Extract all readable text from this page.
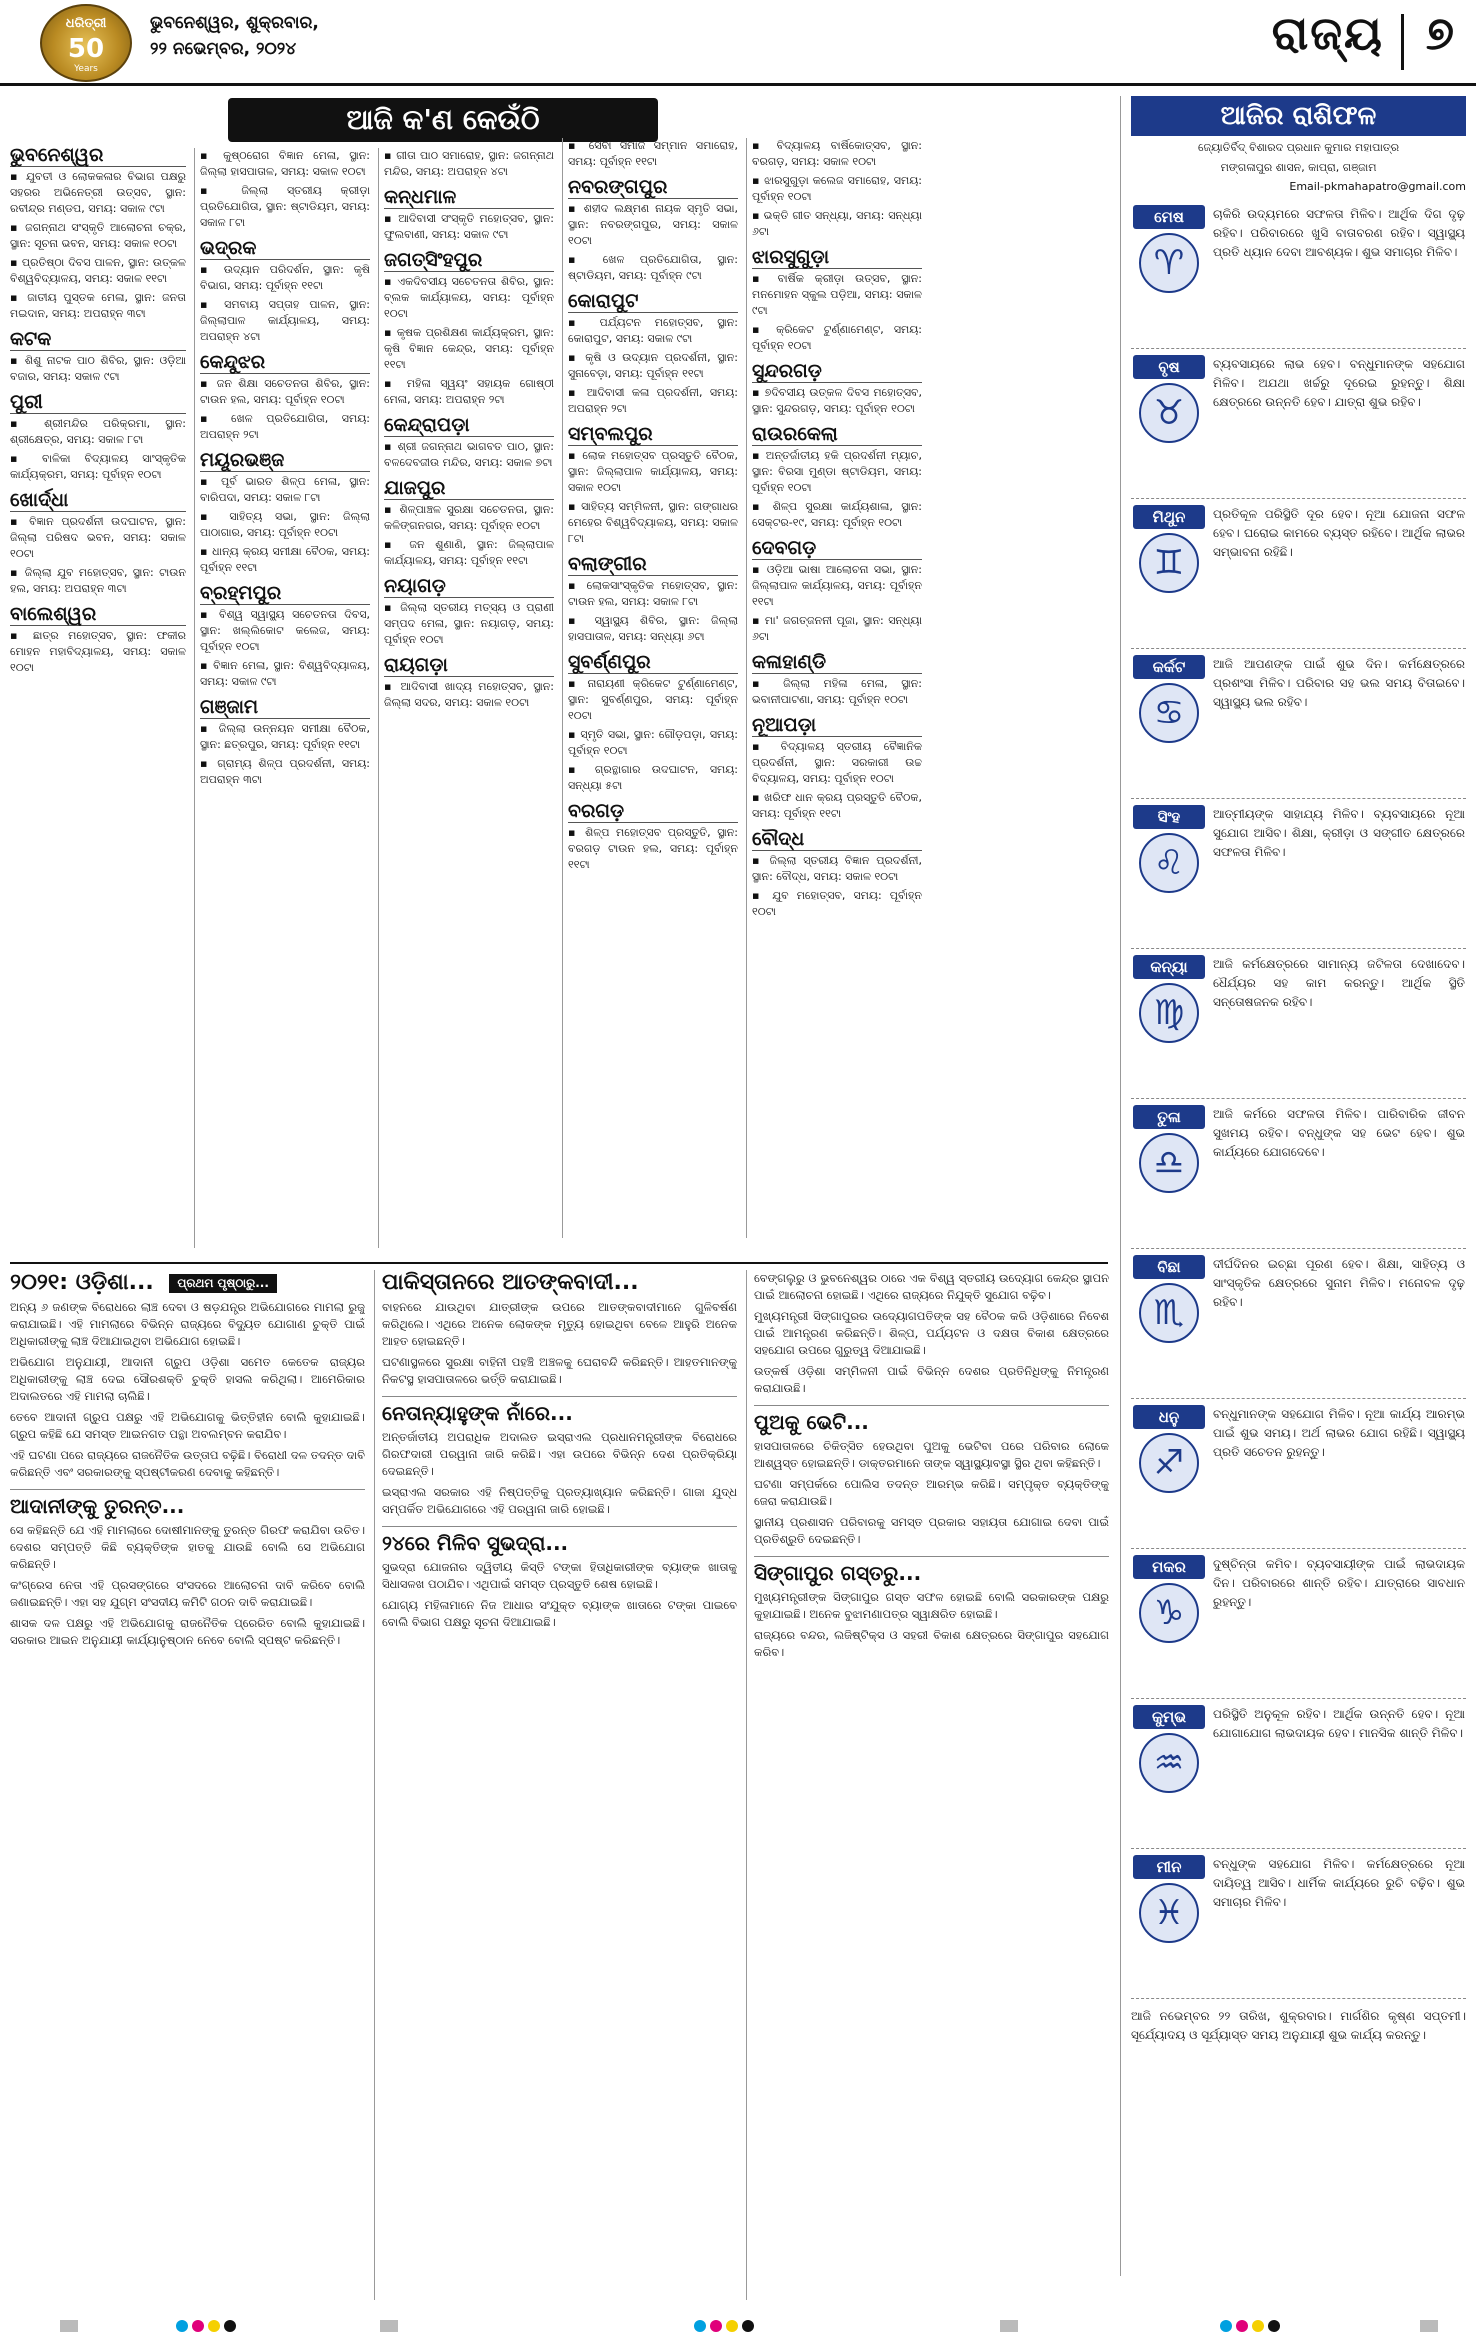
ଧରିତ୍ରୀ
50
Years
ଭୁବନେଶ୍ୱର, ଶୁକ୍ରବାର,
୨୨ ନଭେମ୍ବର, ୨୦୨୪	ରାଜ୍ୟ ୭
ଆଜି କ'ଣ କେଉଁଠି
ଭୁବନେଶ୍ୱର
▪ ଯୁବତୀ ଓ ଲୋକକଳାର ବିଭାଗ ପକ୍ଷରୁ ସହରର ଅଭିନେତ୍ରୀ ଉତ୍ସବ, ସ୍ଥାନ: ରବୀନ୍ଦ୍ର ମଣ୍ଡପ, ସମୟ: ସକାଳ ୯ଟା
▪ ଜଗନ୍ନାଥ ସଂସ୍କୃତି ଆଲୋଚନା ଚକ୍ର, ସ୍ଥାନ: ସୂଚନା ଭବନ, ସମୟ: ସକାଳ ୧୦ଟା
▪ ପ୍ରତିଷ୍ଠା ଦିବସ ପାଳନ, ସ୍ଥାନ: ଉତ୍କଳ ବିଶ୍ୱବିଦ୍ୟାଳୟ, ସମୟ: ସକାଳ ୧୧ଟା
▪ ଜାତୀୟ ପୁସ୍ତକ ମେଳା, ସ୍ଥାନ: ଜନତା ମଇଦାନ, ସମୟ: ଅପରାହ୍ନ ୩ଟା
କଟକ
▪ ଶିଶୁ ନାଟକ ପାଠ ଶିବିର, ସ୍ଥାନ: ଓଡ଼ିଆ ବଜାର, ସମୟ: ସକାଳ ୯ଟା
ପୁରୀ
▪ ଶ୍ରୀମନ୍ଦିର ପରିକ୍ରମା, ସ୍ଥାନ: ଶ୍ରୀକ୍ଷେତ୍ର, ସମୟ: ସକାଳ ୮ଟା
▪ ବାଳିକା ବିଦ୍ୟାଳୟ ସାଂସ୍କୃତିକ କାର୍ଯ୍ୟକ୍ରମ, ସମୟ: ପୂର୍ବାହ୍ନ ୧୦ଟା
ଖୋର୍ଦ୍ଧା
▪ ବିଜ୍ଞାନ ପ୍ରଦର୍ଶନୀ ଉଦଘାଟନ, ସ୍ଥାନ: ଜିଲ୍ଲା ପରିଷଦ ଭବନ, ସମୟ: ସକାଳ ୧୦ଟା
▪ ଜିଲ୍ଲା ଯୁବ ମହୋତ୍ସବ, ସ୍ଥାନ: ଟାଉନ ହଲ, ସମୟ: ଅପରାହ୍ନ ୩ଟା
ବାଲେଶ୍ୱର
▪ ଛାତ୍ର ମହୋତ୍ସବ, ସ୍ଥାନ: ଫକୀର ମୋହନ ମହାବିଦ୍ୟାଳୟ, ସମୟ: ସକାଳ ୧୦ଟା
▪ କୁଷ୍ଠରୋଗ ବିଜ୍ଞାନ ମେଳା, ସ୍ଥାନ: ଜିଲ୍ଲା ହାସପାତାଳ, ସମୟ: ସକାଳ ୧୦ଟା
▪ ଜିଲ୍ଲା ସ୍ତରୀୟ କ୍ରୀଡ଼ା ପ୍ରତିଯୋଗିତା, ସ୍ଥାନ: ଷ୍ଟାଡିୟମ, ସମୟ: ସକାଳ ୮ଟା
ଭଦ୍ରକ
▪ ଉଦ୍ୟାନ ପରିଦର୍ଶନ, ସ୍ଥାନ: କୃଷି ବିଭାଗ, ସମୟ: ପୂର୍ବାହ୍ନ ୧୧ଟା
▪ ସମବାୟ ସପ୍ତାହ ପାଳନ, ସ୍ଥାନ: ଜିଲ୍ଲାପାଳ କାର୍ଯ୍ୟାଳୟ, ସମୟ: ଅପରାହ୍ନ ୪ଟା
କେନ୍ଦୁଝର
▪ ଜନ ଶିକ୍ଷା ସଚେତନତା ଶିବିର, ସ୍ଥାନ: ଟାଉନ ହଲ, ସମୟ: ପୂର୍ବାହ୍ନ ୧୦ଟା
▪ ଖେଳ ପ୍ରତିଯୋଗିତା, ସମୟ: ଅପରାହ୍ନ ୨ଟା
ମୟୂରଭଞ୍ଜ
▪ ପୂର୍ବ ଭାରତ ଶିଳ୍ପ ମେଳା, ସ୍ଥାନ: ବାରିପଦା, ସମୟ: ସକାଳ ୮ଟା
▪ ସାହିତ୍ୟ ସଭା, ସ୍ଥାନ: ଜିଲ୍ଲା ପାଠାଗାର, ସମୟ: ପୂର୍ବାହ୍ନ ୧୦ଟା
▪ ଧାନ୍ୟ କ୍ରୟ ସମୀକ୍ଷା ବୈଠକ, ସମୟ: ପୂର୍ବାହ୍ନ ୧୧ଟା
ବ୍ରହ୍ମପୁର
▪ ବିଶ୍ୱ ସ୍ୱାସ୍ଥ୍ୟ ସଚେତନତା ଦିବସ, ସ୍ଥାନ: ଖଲ୍ଲିକୋଟ କଲେଜ, ସମୟ: ପୂର୍ବାହ୍ନ ୧୦ଟା
▪ ବିଜ୍ଞାନ ମେଳା, ସ୍ଥାନ: ବିଶ୍ୱବିଦ୍ୟାଳୟ, ସମୟ: ସକାଳ ୯ଟା
ଗଞ୍ଜାମ
▪ ଜିଲ୍ଲା ଉନ୍ନୟନ ସମୀକ୍ଷା ବୈଠକ, ସ୍ଥାନ: ଛତ୍ରପୁର, ସମୟ: ପୂର୍ବାହ୍ନ ୧୧ଟା
▪ ଗ୍ରାମ୍ୟ ଶିଳ୍ପ ପ୍ରଦର୍ଶନୀ, ସମୟ: ଅପରାହ୍ନ ୩ଟା
▪ ଗୀତା ପାଠ ସମାରୋହ, ସ୍ଥାନ: ଜଗନ୍ନାଥ ମନ୍ଦିର, ସମୟ: ଅପରାହ୍ନ ୪ଟା
କନ୍ଧମାଳ
▪ ଆଦିବାସୀ ସଂସ୍କୃତି ମହୋତ୍ସବ, ସ୍ଥାନ: ଫୁଲବାଣୀ, ସମୟ: ସକାଳ ୯ଟା
ଜଗତ୍ସିଂହପୁର
▪ ଏକଦିବସୀୟ ସଚେତନତା ଶିବିର, ସ୍ଥାନ: ବ୍ଲକ କାର୍ଯ୍ୟାଳୟ, ସମୟ: ପୂର୍ବାହ୍ନ ୧୦ଟା
▪ କୃଷକ ପ୍ରଶିକ୍ଷଣ କାର୍ଯ୍ୟକ୍ରମ, ସ୍ଥାନ: କୃଷି ବିଜ୍ଞାନ କେନ୍ଦ୍ର, ସମୟ: ପୂର୍ବାହ୍ନ ୧୧ଟା
▪ ମହିଳା ସ୍ୱୟଂ ସହାୟକ ଗୋଷ୍ଠୀ ମେଳା, ସମୟ: ଅପରାହ୍ନ ୨ଟା
କେନ୍ଦ୍ରାପଡ଼ା
▪ ଶ୍ରୀ ଜଗନ୍ନାଥ ଭାଗବତ ପାଠ, ସ୍ଥାନ: ବଳଦେବଜୀଉ ମନ୍ଦିର, ସମୟ: ସକାଳ ୭ଟା
ଯାଜପୁର
▪ ଶିଳ୍ପାଞ୍ଚଳ ସୁରକ୍ଷା ସଚେତନତା, ସ୍ଥାନ: କଳିଙ୍ଗନଗର, ସମୟ: ପୂର୍ବାହ୍ନ ୧୦ଟା
▪ ଜନ ଶୁଣାଣି, ସ୍ଥାନ: ଜିଲ୍ଲାପାଳ କାର୍ଯ୍ୟାଳୟ, ସମୟ: ପୂର୍ବାହ୍ନ ୧୧ଟା
ନୟାଗଡ଼
▪ ଜିଲ୍ଲା ସ୍ତରୀୟ ମତ୍ସ୍ୟ ଓ ପ୍ରାଣୀ ସମ୍ପଦ ମେଳା, ସ୍ଥାନ: ନୟାଗଡ଼, ସମୟ: ପୂର୍ବାହ୍ନ ୧୦ଟା
ରାୟଗଡ଼ା
▪ ଆଦିବାସୀ ଖାଦ୍ୟ ମହୋତ୍ସବ, ସ୍ଥାନ: ଜିଲ୍ଲା ସଦର, ସମୟ: ସକାଳ ୧୦ଟା
▪ ସେବା ସମାଜ ସମ୍ମାନ ସମାରୋହ, ସମୟ: ପୂର୍ବାହ୍ନ ୧୧ଟା
ନବରଙ୍ଗପୁର
▪ ଶହୀଦ ଲକ୍ଷ୍ମଣ ନାୟକ ସ୍ମୃତି ସଭା, ସ୍ଥାନ: ନବରଙ୍ଗପୁର, ସମୟ: ସକାଳ ୧୦ଟା
▪ ଖେଳ ପ୍ରତିଯୋଗିତା, ସ୍ଥାନ: ଷ୍ଟାଡିୟମ, ସମୟ: ପୂର୍ବାହ୍ନ ୯ଟା
କୋରାପୁଟ
▪ ପର୍ଯ୍ୟଟନ ମହୋତ୍ସବ, ସ୍ଥାନ: କୋରାପୁଟ, ସମୟ: ସକାଳ ୯ଟା
▪ କୃଷି ଓ ଉଦ୍ୟାନ ପ୍ରଦର୍ଶନୀ, ସ୍ଥାନ: ସୁନାବେଡ଼ା, ସମୟ: ପୂର୍ବାହ୍ନ ୧୧ଟା
▪ ଆଦିବାସୀ କଳା ପ୍ରଦର୍ଶନୀ, ସମୟ: ଅପରାହ୍ନ ୨ଟା
ସମ୍ବଲପୁର
▪ ଲୋକ ମହୋତ୍ସବ ପ୍ରସ୍ତୁତି ବୈଠକ, ସ୍ଥାନ: ଜିଲ୍ଲାପାଳ କାର୍ଯ୍ୟାଳୟ, ସମୟ: ସକାଳ ୧୦ଟା
▪ ସାହିତ୍ୟ ସମ୍ମିଳନୀ, ସ୍ଥାନ: ଗଙ୍ଗାଧର ମେହେର ବିଶ୍ୱବିଦ୍ୟାଳୟ, ସମୟ: ସକାଳ ୮ଟା
ବଲାଙ୍ଗୀର
▪ ଲୋକସାଂସ୍କୃତିକ ମହୋତ୍ସବ, ସ୍ଥାନ: ଟାଉନ ହଲ, ସମୟ: ସକାଳ ୮ଟା
▪ ସ୍ୱାସ୍ଥ୍ୟ ଶିବିର, ସ୍ଥାନ: ଜିଲ୍ଲା ହାସପାତାଳ, ସମୟ: ସନ୍ଧ୍ୟା ୬ଟା
ସୁବର୍ଣ୍ଣପୁର
▪ ନାରାୟଣୀ କ୍ରିକେଟ ଟୁର୍ଣ୍ଣାମେଣ୍ଟ, ସ୍ଥାନ: ସୁବର୍ଣ୍ଣପୁର, ସମୟ: ପୂର୍ବାହ୍ନ ୧୦ଟା
▪ ସ୍ମୃତି ସଭା, ସ୍ଥାନ: ଗୌଡ଼ପଡ଼ା, ସମୟ: ପୂର୍ବାହ୍ନ ୧୦ଟା
▪ ଗ୍ରନ୍ଥାଗାର ଉଦଘାଟନ, ସମୟ: ସନ୍ଧ୍ୟା ୫ଟା
ବରଗଡ଼
▪ ଶିଳ୍ପ ମହୋତ୍ସବ ପ୍ରସ୍ତୁତି, ସ୍ଥାନ: ବରଗଡ଼ ଟାଉନ ହଲ, ସମୟ: ପୂର୍ବାହ୍ନ ୧୧ଟା
▪ ବିଦ୍ୟାଳୟ ବାର୍ଷିକୋତ୍ସବ, ସ୍ଥାନ: ବରଗଡ଼, ସମୟ: ସକାଳ ୧୦ଟା
▪ ଝାରସୁଗୁଡ଼ା କଲେଜ ସମାରୋହ, ସମୟ: ପୂର୍ବାହ୍ନ ୧୦ଟା
▪ ଭକ୍ତି ଗୀତ ସନ୍ଧ୍ୟା, ସମୟ: ସନ୍ଧ୍ୟା ୬ଟା
ଝାରସୁଗୁଡ଼ା
▪ ବାର୍ଷିକ କ୍ରୀଡ଼ା ଉତ୍ସବ, ସ୍ଥାନ: ମନମୋହନ ସ୍କୁଲ ପଡ଼ିଆ, ସମୟ: ସକାଳ ୯ଟା
▪ କ୍ରିକେଟ ଟୁର୍ଣ୍ଣାମେଣ୍ଟ, ସମୟ: ପୂର୍ବାହ୍ନ ୧୦ଟା
ସୁନ୍ଦରଗଡ଼
▪ ୭ଦିବସୀୟ ଉତ୍କଳ ଦିବସ ମହୋତ୍ସବ, ସ୍ଥାନ: ସୁନ୍ଦରଗଡ଼, ସମୟ: ପୂର୍ବାହ୍ନ ୧୦ଟା
ରାଉରକେଲା
▪ ଅନ୍ତର୍ଜାତୀୟ ହକି ପ୍ରଦର୍ଶନୀ ମ୍ୟାଚ, ସ୍ଥାନ: ବିରସା ମୁଣ୍ଡା ଷ୍ଟାଡିୟମ, ସମୟ: ପୂର୍ବାହ୍ନ ୧୦ଟା
▪ ଶିଳ୍ପ ସୁରକ୍ଷା କାର୍ଯ୍ୟଶାଳା, ସ୍ଥାନ: ସେକ୍ଟର-୧୯, ସମୟ: ପୂର୍ବାହ୍ନ ୧୦ଟା
ଦେବଗଡ଼
▪ ଓଡ଼ିଆ ଭାଷା ଆଲୋଚନା ସଭା, ସ୍ଥାନ: ଜିଲ୍ଲାପାଳ କାର୍ଯ୍ୟାଳୟ, ସମୟ: ପୂର୍ବାହ୍ନ ୧୧ଟା
▪ ମା' ଜଗତ୍ଜନନୀ ପୂଜା, ସ୍ଥାନ: ସନ୍ଧ୍ୟା ୬ଟା
କଳାହାଣ୍ଡି
▪ ଜିଲ୍ଲା ମହିଳା ମେଳା, ସ୍ଥାନ: ଭବାନୀପାଟଣା, ସମୟ: ପୂର୍ବାହ୍ନ ୧୦ଟା
ନୂଆପଡ଼ା
▪ ବିଦ୍ୟାଳୟ ସ୍ତରୀୟ ବୈଜ୍ଞାନିକ ପ୍ରଦର୍ଶନୀ, ସ୍ଥାନ: ସରକାରୀ ଉଚ୍ଚ ବିଦ୍ୟାଳୟ, ସମୟ: ପୂର୍ବାହ୍ନ ୧୦ଟା
▪ ଖରିଫ ଧାନ କ୍ରୟ ପ୍ରସ୍ତୁତି ବୈଠକ, ସମୟ: ପୂର୍ବାହ୍ନ ୧୧ଟା
ବୌଦ୍ଧ
▪ ଜିଲ୍ଲା ସ୍ତରୀୟ ବିଜ୍ଞାନ ପ୍ରଦର୍ଶନୀ, ସ୍ଥାନ: ବୌଦ୍ଧ, ସମୟ: ସକାଳ ୧୦ଟା
▪ ଯୁବ ମହୋତ୍ସବ, ସମୟ: ପୂର୍ବାହ୍ନ ୧୦ଟା
ଆଜିର ରାଶିଫଳ
ଜ୍ୟୋତିର୍ବିଦ୍ ବିଶାରଦ ପ୍ରଧାନ କୁମାର ମହାପାତ୍ର
ମଙ୍ଗଳାପୁର ଶାସନ, କାପ୍ରା, ଗଞ୍ଜାମ
Email-pkmahapatro@gmail.com
ମେଷ
♈
ଚାକିରି ଉଦ୍ୟମରେ ସଫଳତା ମିଳିବ। ଆର୍ଥିକ ଦିଗ ଦୃଢ଼ ରହିବ। ପରିବାରରେ ଖୁସି ବାତାବରଣ ରହିବ। ସ୍ୱାସ୍ଥ୍ୟ ପ୍ରତି ଧ୍ୟାନ ଦେବା ଆବଶ୍ୟକ। ଶୁଭ ସମାଚାର ମିଳିବ।
ବୃଷ
♉
ବ୍ୟବସାୟରେ ଲାଭ ହେବ। ବନ୍ଧୁମାନଙ୍କ ସହଯୋଗ ମିଳିବ। ଅଯଥା ଖର୍ଚ୍ଚରୁ ଦୂରେଇ ରୁହନ୍ତୁ। ଶିକ୍ଷା କ୍ଷେତ୍ରରେ ଉନ୍ନତି ହେବ। ଯାତ୍ରା ଶୁଭ ରହିବ।
ମିଥୁନ
♊
ପ୍ରତିକୂଳ ପରିସ୍ଥିତି ଦୂର ହେବ। ନୂଆ ଯୋଜନା ସଫଳ ହେବ। ଘରୋଇ କାମରେ ବ୍ୟସ୍ତ ରହିବେ। ଆର୍ଥିକ ଲାଭର ସମ୍ଭାବନା ରହିଛି।
କର୍କଟ
♋
ଆଜି ଆପଣଙ୍କ ପାଇଁ ଶୁଭ ଦିନ। କର୍ମକ୍ଷେତ୍ରରେ ପ୍ରଶଂସା ମିଳିବ। ପରିବାର ସହ ଭଲ ସମୟ ବିତାଇବେ। ସ୍ୱାସ୍ଥ୍ୟ ଭଲ ରହିବ।
ସିଂହ
♌
ଆତ୍ମୀୟଙ୍କ ସାହାଯ୍ୟ ମିଳିବ। ବ୍ୟବସାୟରେ ନୂଆ ସୁଯୋଗ ଆସିବ। ଶିକ୍ଷା, କ୍ରୀଡ଼ା ଓ ସଙ୍ଗୀତ କ୍ଷେତ୍ରରେ ସଫଳତା ମିଳିବ।
କନ୍ୟା
♍
ଆଜି କର୍ମକ୍ଷେତ୍ରରେ ସାମାନ୍ୟ ଜଟିଳତା ଦେଖାଦେବ। ଧୈର୍ଯ୍ୟର ସହ କାମ କରନ୍ତୁ। ଆର୍ଥିକ ସ୍ଥିତି ସନ୍ତୋଷଜନକ ରହିବ।
ତୁଳା
♎
ଆଜି କର୍ମରେ ସଫଳତା ମିଳିବ। ପାରିବାରିକ ଜୀବନ ସୁଖମୟ ରହିବ। ବନ୍ଧୁଙ୍କ ସହ ଭେଟ ହେବ। ଶୁଭ କାର୍ଯ୍ୟରେ ଯୋଗଦେବେ।
ବିଛା
♏
ଦୀର୍ଘଦିନର ଇଚ୍ଛା ପୂରଣ ହେବ। ଶିକ୍ଷା, ସାହିତ୍ୟ ଓ ସାଂସ୍କୃତିକ କ୍ଷେତ୍ରରେ ସୁନାମ ମିଳିବ। ମନୋବଳ ଦୃଢ଼ ରହିବ।
ଧନୁ
♐
ବନ୍ଧୁମାନଙ୍କ ସହଯୋଗ ମିଳିବ। ନୂଆ କାର୍ଯ୍ୟ ଆରମ୍ଭ ପାଇଁ ଶୁଭ ସମୟ। ଅର୍ଥ ଲାଭର ଯୋଗ ରହିଛି। ସ୍ୱାସ୍ଥ୍ୟ ପ୍ରତି ସଚେତନ ରୁହନ୍ତୁ।
ମକର
♑
ଦୁଷ୍ଚିନ୍ତା କମିବ। ବ୍ୟବସାୟୀଙ୍କ ପାଇଁ ଲାଭଦାୟକ ଦିନ। ପରିବାରରେ ଶାନ୍ତି ରହିବ। ଯାତ୍ରାରେ ସାବଧାନ ରୁହନ୍ତୁ।
କୁମ୍ଭ
♒
ପରିସ୍ଥିତି ଅନୁକୂଳ ରହିବ। ଆର୍ଥିକ ଉନ୍ନତି ହେବ। ନୂଆ ଯୋଗାଯୋଗ ଲାଭଦାୟକ ହେବ। ମାନସିକ ଶାନ୍ତି ମିଳିବ।
ମୀନ
♓
ବନ୍ଧୁଙ୍କ ସହଯୋଗ ମିଳିବ। କର୍ମକ୍ଷେତ୍ରରେ ନୂଆ ଦାୟିତ୍ୱ ଆସିବ। ଧାର୍ମିକ କାର୍ଯ୍ୟରେ ରୁଚି ବଢ଼ିବ। ଶୁଭ ସମାଚାର ମିଳିବ।
ଆଜି ନଭେମ୍ବର ୨୨ ତାରିଖ, ଶୁକ୍ରବାର। ମାର୍ଗଶିର କୃଷ୍ଣ ସପ୍ତମୀ। ସୂର୍ଯ୍ୟୋଦୟ ଓ ସୂର୍ଯ୍ୟାସ୍ତ ସମୟ ଅନୁଯାୟୀ ଶୁଭ କାର୍ଯ୍ୟ କରନ୍ତୁ।
୨୦୨୧: ଓଡ଼ିଶା... ପ୍ରଥମ ପୃଷ୍ଠାରୁ...
ଅନ୍ୟ ୬ ଜଣଙ୍କ ବିରୋଧରେ ଲାଞ୍ଚ ଦେବା ଓ ଷଡ଼ଯନ୍ତ୍ର ଅଭିଯୋଗରେ ମାମଲା ରୁଜୁ କରାଯାଇଛି। ଏହି ମାମଲାରେ ବିଭିନ୍ନ ରାଜ୍ୟରେ ବିଦ୍ୟୁତ ଯୋଗାଣ ଚୁକ୍ତି ପାଇଁ ଅଧିକାରୀଙ୍କୁ ଲାଞ୍ଚ ଦିଆଯାଇଥିବା ଅଭିଯୋଗ ହୋଇଛି।
ଅଭିଯୋଗ ଅନୁଯାୟୀ, ଆଦାନୀ ଗ୍ରୁପ ଓଡ଼ିଶା ସମେତ କେତେକ ରାଜ୍ୟର ଅଧିକାରୀଙ୍କୁ ଲାଞ୍ଚ ଦେଇ ସୌରଶକ୍ତି ଚୁକ୍ତି ହାସଲ କରିଥିଲା। ଆମେରିକାର ଅଦାଲତରେ ଏହି ମାମଲା ଚାଲିଛି।
ତେବେ ଆଦାନୀ ଗ୍ରୁପ ପକ୍ଷରୁ ଏହି ଅଭିଯୋଗକୁ ଭିତ୍ତିହୀନ ବୋଲି କୁହାଯାଇଛି। ଗ୍ରୁପ କହିଛି ଯେ ସମସ୍ତ ଆଇନଗତ ପନ୍ଥା ଅବଲମ୍ବନ କରାଯିବ।
ଏହି ଘଟଣା ପରେ ରାଜ୍ୟରେ ରାଜନୈତିକ ଉତ୍ତାପ ବଢ଼ିଛି। ବିରୋଧୀ ଦଳ ତଦନ୍ତ ଦାବି କରିଛନ୍ତି ଏବଂ ସରକାରଙ୍କୁ ସ୍ପଷ୍ଟୀକରଣ ଦେବାକୁ କହିଛନ୍ତି।
ଆଦାନୀଙ୍କୁ ତୁରନ୍ତ...
ସେ କହିଛନ୍ତି ଯେ ଏହି ମାମଲାରେ ଦୋଷୀମାନଙ୍କୁ ତୁରନ୍ତ ଗିରଫ କରାଯିବା ଉଚିତ। ଦେଶର ସମ୍ପତ୍ତି କିଛି ବ୍ୟକ୍ତିଙ୍କ ହାତକୁ ଯାଉଛି ବୋଲି ସେ ଅଭିଯୋଗ କରିଛନ୍ତି।
କଂଗ୍ରେସ ନେତା ଏହି ପ୍ରସଙ୍ଗରେ ସଂସଦରେ ଆଲୋଚନା ଦାବି କରିବେ ବୋଲି ଜଣାଇଛନ୍ତି। ଏହା ସହ ଯୁଗ୍ମ ସଂସଦୀୟ କମିଟି ଗଠନ ଦାବି କରାଯାଇଛି।
ଶାସକ ଦଳ ପକ୍ଷରୁ ଏହି ଅଭିଯୋଗକୁ ରାଜନୈତିକ ପ୍ରେରିତ ବୋଲି କୁହାଯାଇଛି। ସରକାର ଆଇନ ଅନୁଯାୟୀ କାର୍ଯ୍ୟାନୁଷ୍ଠାନ ନେବେ ବୋଲି ସ୍ପଷ୍ଟ କରିଛନ୍ତି।
ପାକିସ୍ତାନରେ ଆତଙ୍କବାଦୀ...
ବାହନରେ ଯାଉଥିବା ଯାତ୍ରୀଙ୍କ ଉପରେ ଆତଙ୍କବାଦୀମାନେ ଗୁଳିବର୍ଷଣ କରିଥିଲେ। ଏଥିରେ ଅନେକ ଲୋକଙ୍କ ମୃତ୍ୟୁ ହୋଇଥିବା ବେଳେ ଆହୁରି ଅନେକ ଆହତ ହୋଇଛନ୍ତି।
ଘଟଣାସ୍ଥଳରେ ସୁରକ୍ଷା ବାହିନୀ ପହଞ୍ଚି ଅଞ୍ଚଳକୁ ଘେରାବନ୍ଦି କରିଛନ୍ତି। ଆହତମାନଙ୍କୁ ନିକଟସ୍ଥ ହାସପାତାଳରେ ଭର୍ତ୍ତି କରାଯାଇଛି।
ନେତାନ୍ୟାହୁଙ୍କ ନାଁରେ...
ଅନ୍ତର୍ଜାତୀୟ ଅପରାଧିକ ଅଦାଲତ ଇସ୍ରାଏଲ ପ୍ରଧାନମନ୍ତ୍ରୀଙ୍କ ବିରୋଧରେ ଗିରଫଦାରୀ ପରୱାନା ଜାରି କରିଛି। ଏହା ଉପରେ ବିଭିନ୍ନ ଦେଶ ପ୍ରତିକ୍ରିୟା ଦେଇଛନ୍ତି।
ଇସ୍ରାଏଲ ସରକାର ଏହି ନିଷ୍ପତ୍ତିକୁ ପ୍ରତ୍ୟାଖ୍ୟାନ କରିଛନ୍ତି। ଗାଜା ଯୁଦ୍ଧ ସମ୍ପର୍କିତ ଅଭିଯୋଗରେ ଏହି ପରୱାନା ଜାରି ହୋଇଛି।
୨୪ରେ ମିଳିବ ସୁଭଦ୍ରା...
ସୁଭଦ୍ରା ଯୋଜନାର ଦ୍ୱିତୀୟ କିସ୍ତି ଟଙ୍କା ହିତାଧିକାରୀଙ୍କ ବ୍ୟାଙ୍କ ଖାତାକୁ ସିଧାସଳଖ ପଠାଯିବ। ଏଥିପାଇଁ ସମସ୍ତ ପ୍ରସ୍ତୁତି ଶେଷ ହୋଇଛି।
ଯୋଗ୍ୟ ମହିଳାମାନେ ନିଜ ଆଧାର ସଂଯୁକ୍ତ ବ୍ୟାଙ୍କ ଖାତାରେ ଟଙ୍କା ପାଇବେ ବୋଲି ବିଭାଗ ପକ୍ଷରୁ ସୂଚନା ଦିଆଯାଇଛି।
ବେଙ୍ଗଲୁରୁ ଓ ଭୁବନେଶ୍ୱର ଠାରେ ଏକ ବିଶ୍ୱ ସ୍ତରୀୟ ଉଦ୍ୟୋଗ କେନ୍ଦ୍ର ସ୍ଥାପନ ପାଇଁ ଆଲୋଚନା ହୋଇଛି। ଏଥିରେ ରାଜ୍ୟରେ ନିଯୁକ୍ତି ସୁଯୋଗ ବଢ଼ିବ।
ମୁଖ୍ୟମନ୍ତ୍ରୀ ସିଙ୍ଗାପୁରର ଉଦ୍ୟୋଗପତିଙ୍କ ସହ ବୈଠକ କରି ଓଡ଼ିଶାରେ ନିବେଶ ପାଇଁ ଆମନ୍ତ୍ରଣ କରିଛନ୍ତି। ଶିଳ୍ପ, ପର୍ଯ୍ୟଟନ ଓ ଦକ୍ଷତା ବିକାଶ କ୍ଷେତ୍ରରେ ସହଯୋଗ ଉପରେ ଗୁରୁତ୍ୱ ଦିଆଯାଇଛି।
ଉତ୍କର୍ଷ ଓଡ଼ିଶା ସମ୍ମିଳନୀ ପାଇଁ ବିଭିନ୍ନ ଦେଶର ପ୍ରତିନିଧିଙ୍କୁ ନିମନ୍ତ୍ରଣ କରାଯାଉଛି।
ପୁଅକୁ ଭେଟି...
ହାସପାତାଳରେ ଚିକିତ୍ସିତ ହେଉଥିବା ପୁଅକୁ ଭେଟିବା ପରେ ପରିବାର ଲୋକେ ଆଶ୍ୱସ୍ତ ହୋଇଛନ୍ତି। ଡାକ୍ତରମାନେ ତାଙ୍କ ସ୍ୱାସ୍ଥ୍ୟାବସ୍ଥା ସ୍ଥିର ଥିବା କହିଛନ୍ତି।
ଘଟଣା ସମ୍ପର୍କରେ ପୋଲିସ ତଦନ୍ତ ଆରମ୍ଭ କରିଛି। ସମ୍ପୃକ୍ତ ବ୍ୟକ୍ତିଙ୍କୁ ଜେରା କରାଯାଉଛି।
ସ୍ଥାନୀୟ ପ୍ରଶାସନ ପରିବାରକୁ ସମସ୍ତ ପ୍ରକାର ସହାୟତା ଯୋଗାଇ ଦେବା ପାଇଁ ପ୍ରତିଶ୍ରୁତି ଦେଇଛନ୍ତି।
ସିଙ୍ଗାପୁର ଗସ୍ତରୁ...
ମୁଖ୍ୟମନ୍ତ୍ରୀଙ୍କ ସିଙ୍ଗାପୁର ଗସ୍ତ ସଫଳ ହୋଇଛି ବୋଲି ସରକାରଙ୍କ ପକ୍ଷରୁ କୁହାଯାଇଛି। ଅନେକ ବୁଝାମଣାପତ୍ର ସ୍ୱାକ୍ଷରିତ ହୋଇଛି।
ରାଜ୍ୟରେ ବନ୍ଦର, ଲଜିଷ୍ଟିକ୍ସ ଓ ସହରୀ ବିକାଶ କ୍ଷେତ୍ରରେ ସିଙ୍ଗାପୁର ସହଯୋଗ କରିବ।
